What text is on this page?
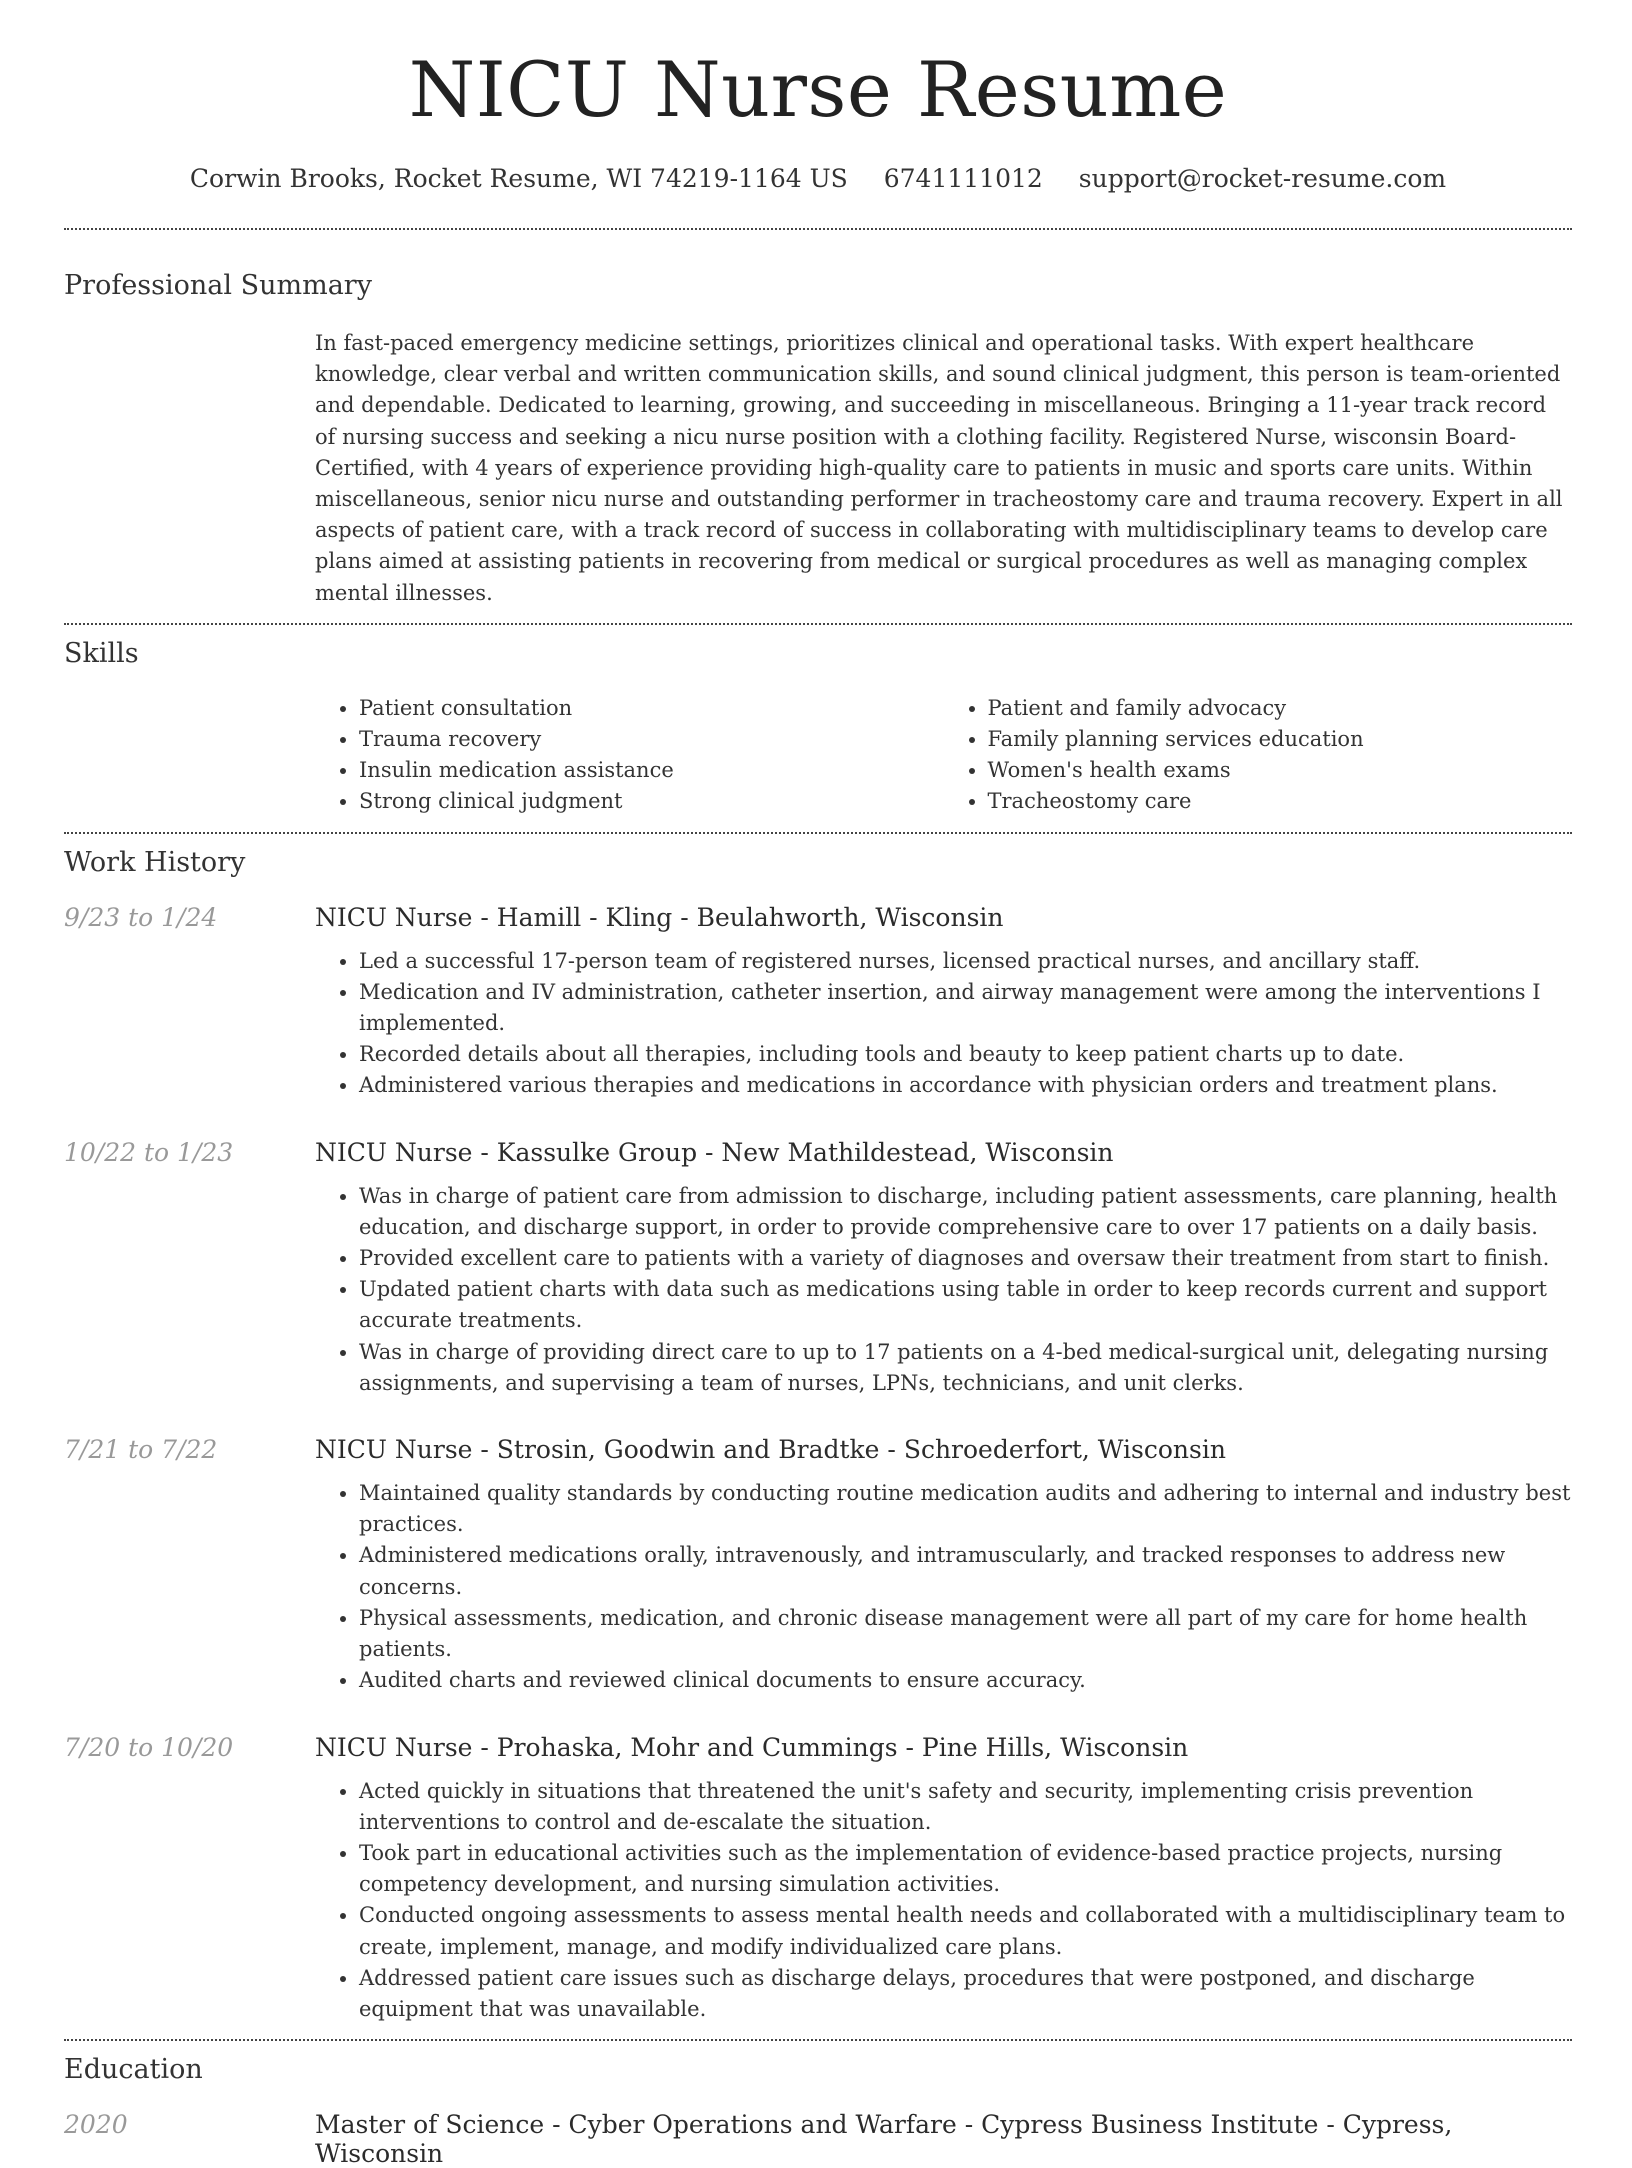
NICU Nurse Resume
Corwin Brooks, Rocket Resume, WI 74219-1164 US 6741111012 support@rocket-resume.com
Professional Summary
In fast-paced emergency medicine settings, prioritizes clinical and operational tasks. With expert healthcare knowledge, clear verbal and written communication skills, and sound clinical judgment, this person is team-oriented and dependable. Dedicated to learning, growing, and succeeding in miscellaneous. Bringing a 11-year track record of nursing success and seeking a nicu nurse position with a clothing facility. Registered Nurse, wisconsin Board-Certified, with 4 years of experience providing high-quality care to patients in music and sports care units. Within miscellaneous, senior nicu nurse and outstanding performer in tracheostomy care and trauma recovery. Expert in all aspects of patient care, with a track record of success in collaborating with multidisciplinary teams to develop care plans aimed at assisting patients in recovering from medical or surgical procedures as well as managing complex mental illnesses.
Skills
• Patient consultation
• Trauma recovery
• Insulin medication assistance
• Strong clinical judgment
• Patient and family advocacy
• Family planning services education
• Women's health exams
• Tracheostomy care
Work History
9/23 to 1/24	NICU Nurse - Hamill - Kling - Beulahworth, Wisconsin
• Led a successful 17-person team of registered nurses, licensed practical nurses, and ancillary staff.
• Medication and IV administration, catheter insertion, and airway management were among the interventions I implemented.
• Recorded details about all therapies, including tools and beauty to keep patient charts up to date.
• Administered various therapies and medications in accordance with physician orders and treatment plans.
10/22 to 1/23	NICU Nurse - Kassulke Group - New Mathildestead, Wisconsin
• Was in charge of patient care from admission to discharge, including patient assessments, care planning, health education, and discharge support, in order to provide comprehensive care to over 17 patients on a daily basis.
• Provided excellent care to patients with a variety of diagnoses and oversaw their treatment from start to finish.
• Updated patient charts with data such as medications using table in order to keep records current and support accurate treatments.
• Was in charge of providing direct care to up to 17 patients on a 4-bed medical-surgical unit, delegating nursing assignments, and supervising a team of nurses, LPNs, technicians, and unit clerks.
7/21 to 7/22	NICU Nurse - Strosin, Goodwin and Bradtke - Schroederfort, Wisconsin
• Maintained quality standards by conducting routine medication audits and adhering to internal and industry best practices.
• Administered medications orally, intravenously, and intramuscularly, and tracked responses to address new concerns.
• Physical assessments, medication, and chronic disease management were all part of my care for home health patients.
• Audited charts and reviewed clinical documents to ensure accuracy.
7/20 to 10/20	NICU Nurse - Prohaska, Mohr and Cummings - Pine Hills, Wisconsin
• Acted quickly in situations that threatened the unit's safety and security, implementing crisis prevention interventions to control and de-escalate the situation.
• Took part in educational activities such as the implementation of evidence-based practice projects, nursing competency development, and nursing simulation activities.
• Conducted ongoing assessments to assess mental health needs and collaborated with a multidisciplinary team to create, implement, manage, and modify individualized care plans.
• Addressed patient care issues such as discharge delays, procedures that were postponed, and discharge equipment that was unavailable.
Education
2020	Master of Science - Cyber Operations and Warfare - Cypress Business Institute - Cypress, Wisconsin
